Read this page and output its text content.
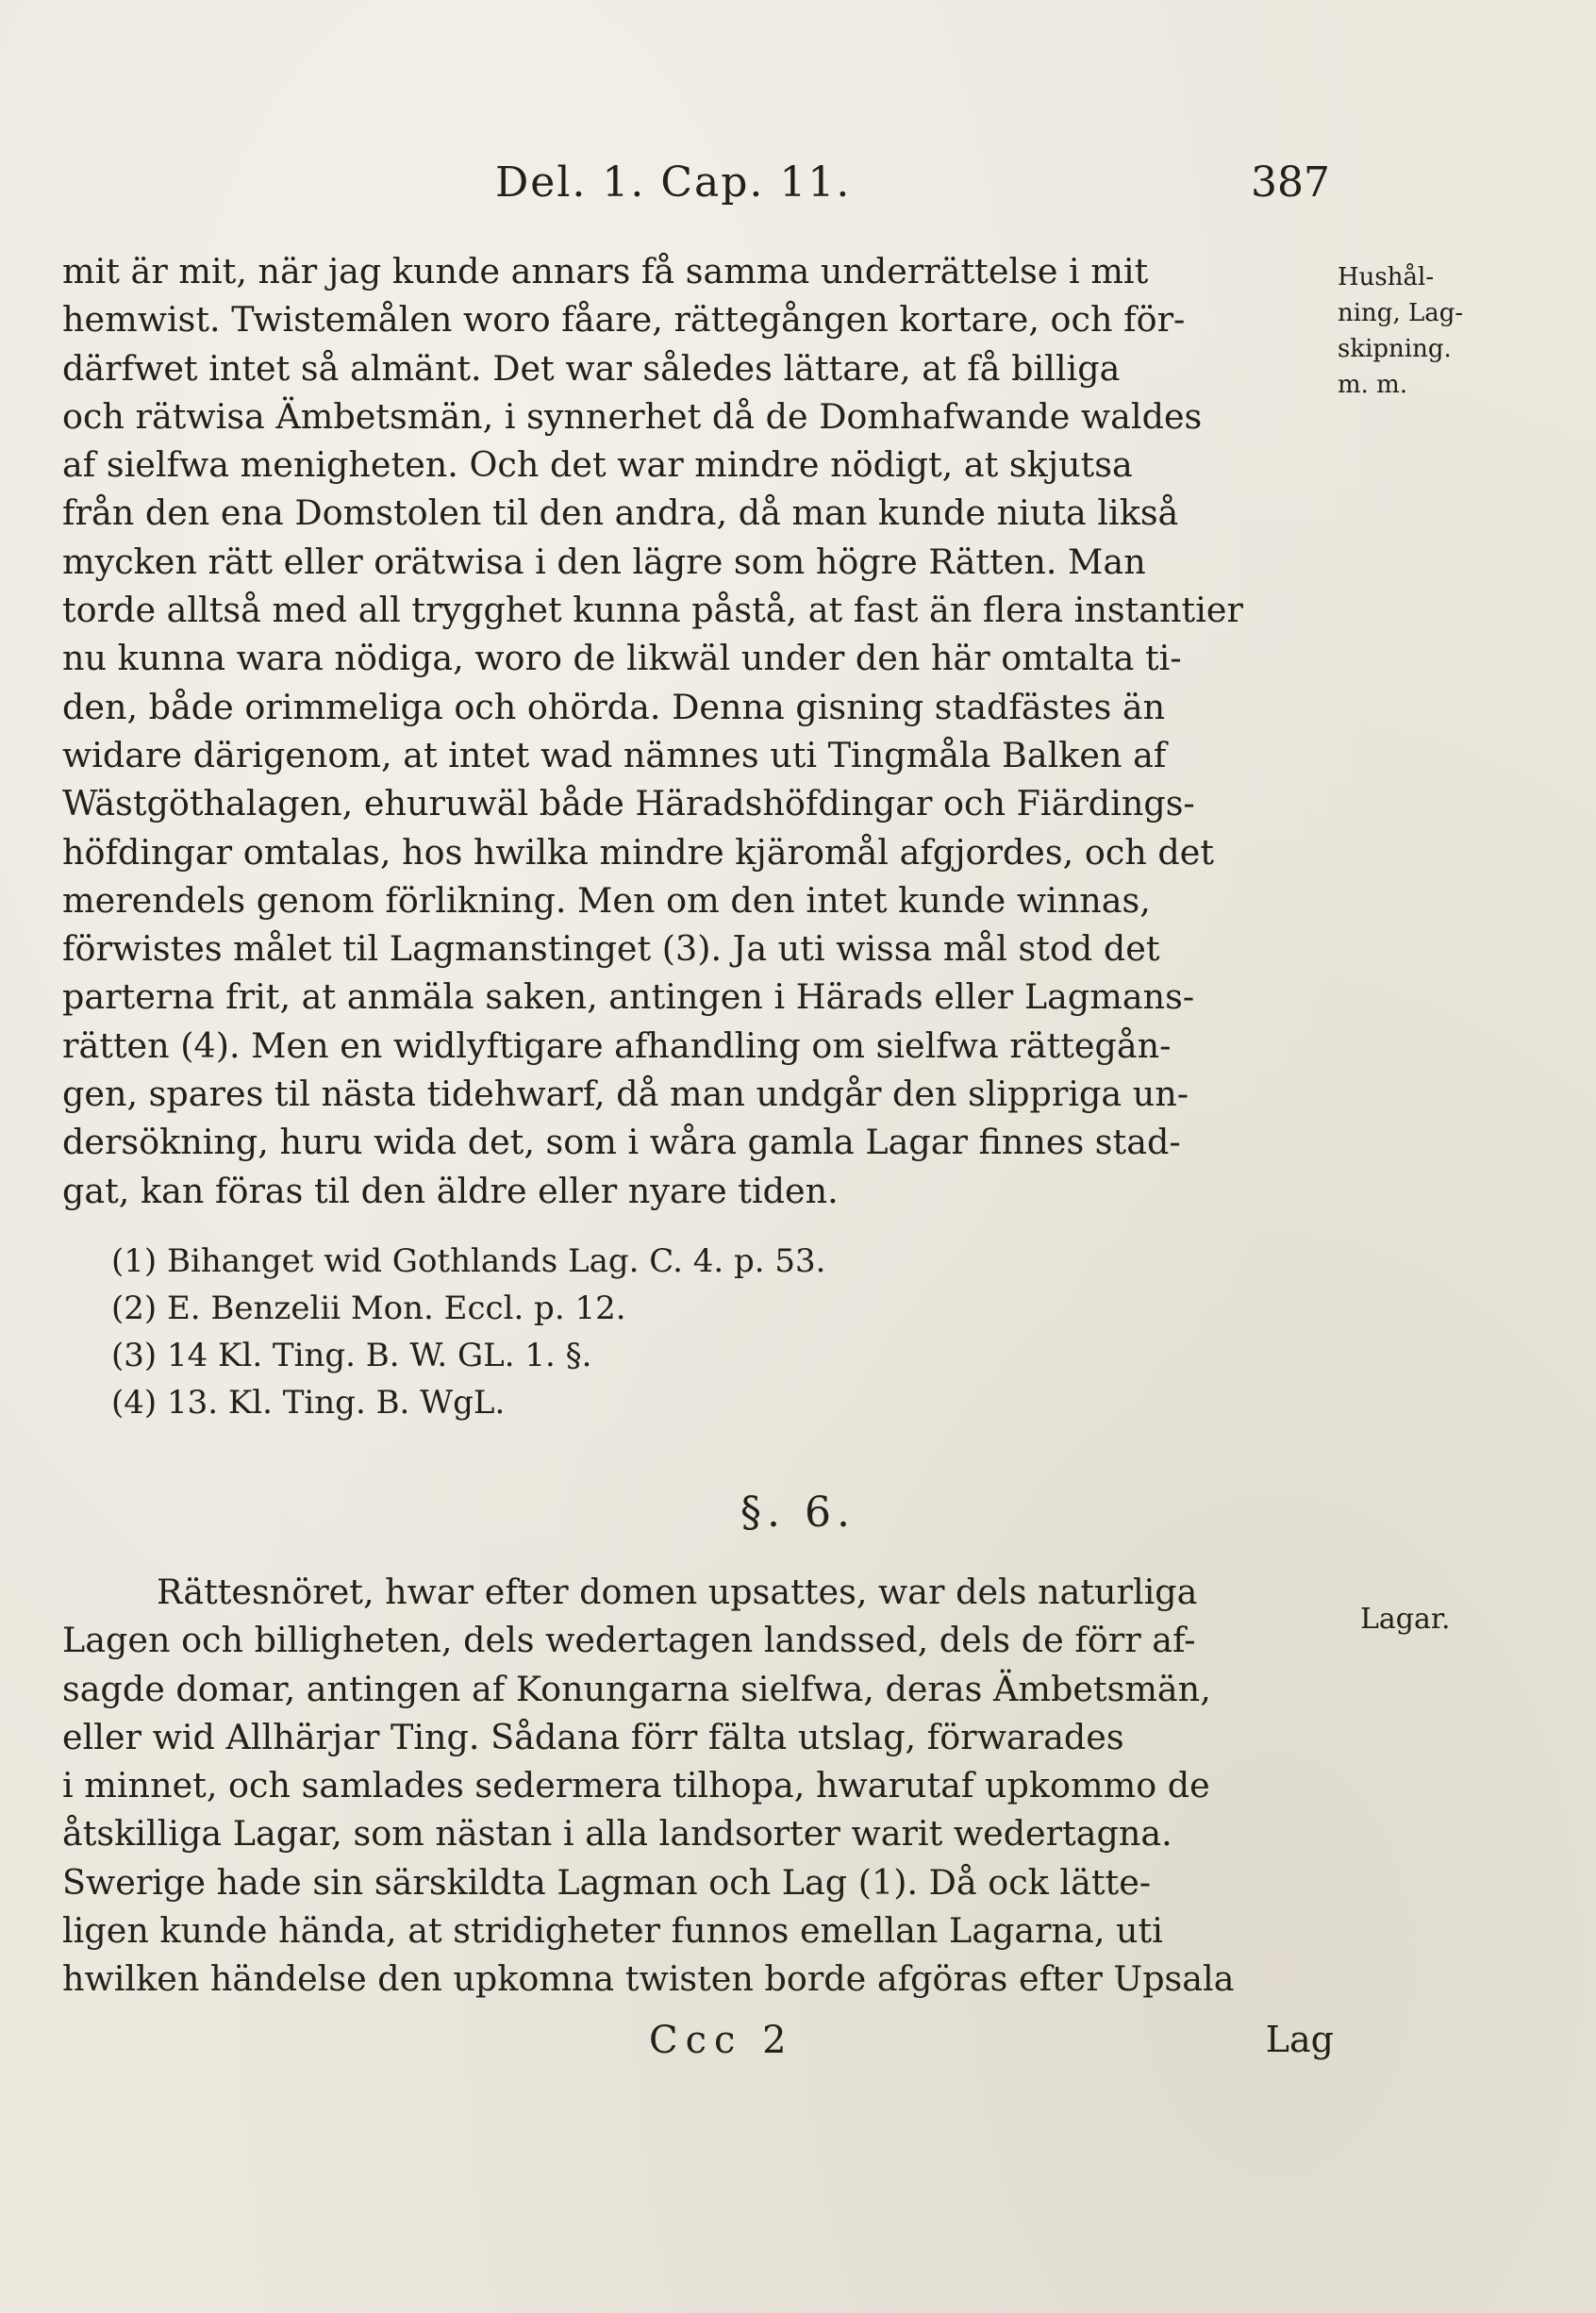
Del. 1. Cap. 11.	387
Hushål-
ning, Lag-
skipning.
m. m.
mit är mit, när jag kunde annars få samma underrättelse i mit
hemwist. Twistemålen woro fåare, rättegången kortare, och för-
därfwet intet så almänt. Det war således lättare, at få billiga
och rätwisa Ämbetsmän, i synnerhet då de Domhafwande waldes
af sielfwa menigheten. Och det war mindre nödigt, at skjutsa
från den ena Domstolen til den andra, då man kunde niuta likså
mycken rätt eller orätwisa i den lägre som högre Rätten. Man
torde alltså med all trygghet kunna påstå, at fast än flera instantier
nu kunna wara nödiga, woro de likwäl under den här omtalta ti-
den, både orimmeliga och ohörda. Denna gisning stadfästes än
widare därigenom, at intet wad nämnes uti Tingmåla Balken af
Wästgöthalagen, ehuruwäl både Häradshöfdingar och Fiärdings-
höfdingar omtalas, hos hwilka mindre kjäromål afgjordes, och det
merendels genom förlikning. Men om den intet kunde winnas,
förwistes målet til Lagmanstinget (3). Ja uti wissa mål stod det
parterna frit, at anmäla saken, antingen i Härads eller Lagmans-
rätten (4). Men en widlyftigare afhandling om sielfwa rättegån-
gen, spares til nästa tidehwarf, då man undgår den slippriga un-
dersökning, huru wida det, som i wåra gamla Lagar finnes stad-
gat, kan föras til den äldre eller nyare tiden.
(1) Bihanget wid Gothlands Lag. C. 4. p. 53.
(2) E. Benzelii Mon. Eccl. p. 12.
(3) 14 Kl. Ting. B. W. GL. 1. §.
(4) 13. Kl. Ting. B. WgL.
§. 6.
Lagar.
Rättesnöret, hwar efter domen upsattes, war dels naturliga
Lagen och billigheten, dels wedertagen landssed, dels de förr af-
sagde domar, antingen af Konungarna sielfwa, deras Ämbetsmän,
eller wid Allhärjar Ting. Sådana förr fälta utslag, förwarades
i minnet, och samlades sedermera tilhopa, hwarutaf upkommo de
åtskilliga Lagar, som nästan i alla landsorter warit wedertagna.
Swerige hade sin särskildta Lagman och Lag (1). Då ock lätte-
ligen kunde hända, at stridigheter funnos emellan Lagarna, uti
hwilken händelse den upkomna twisten borde afgöras efter Upsala
Ccc 2	Lag
